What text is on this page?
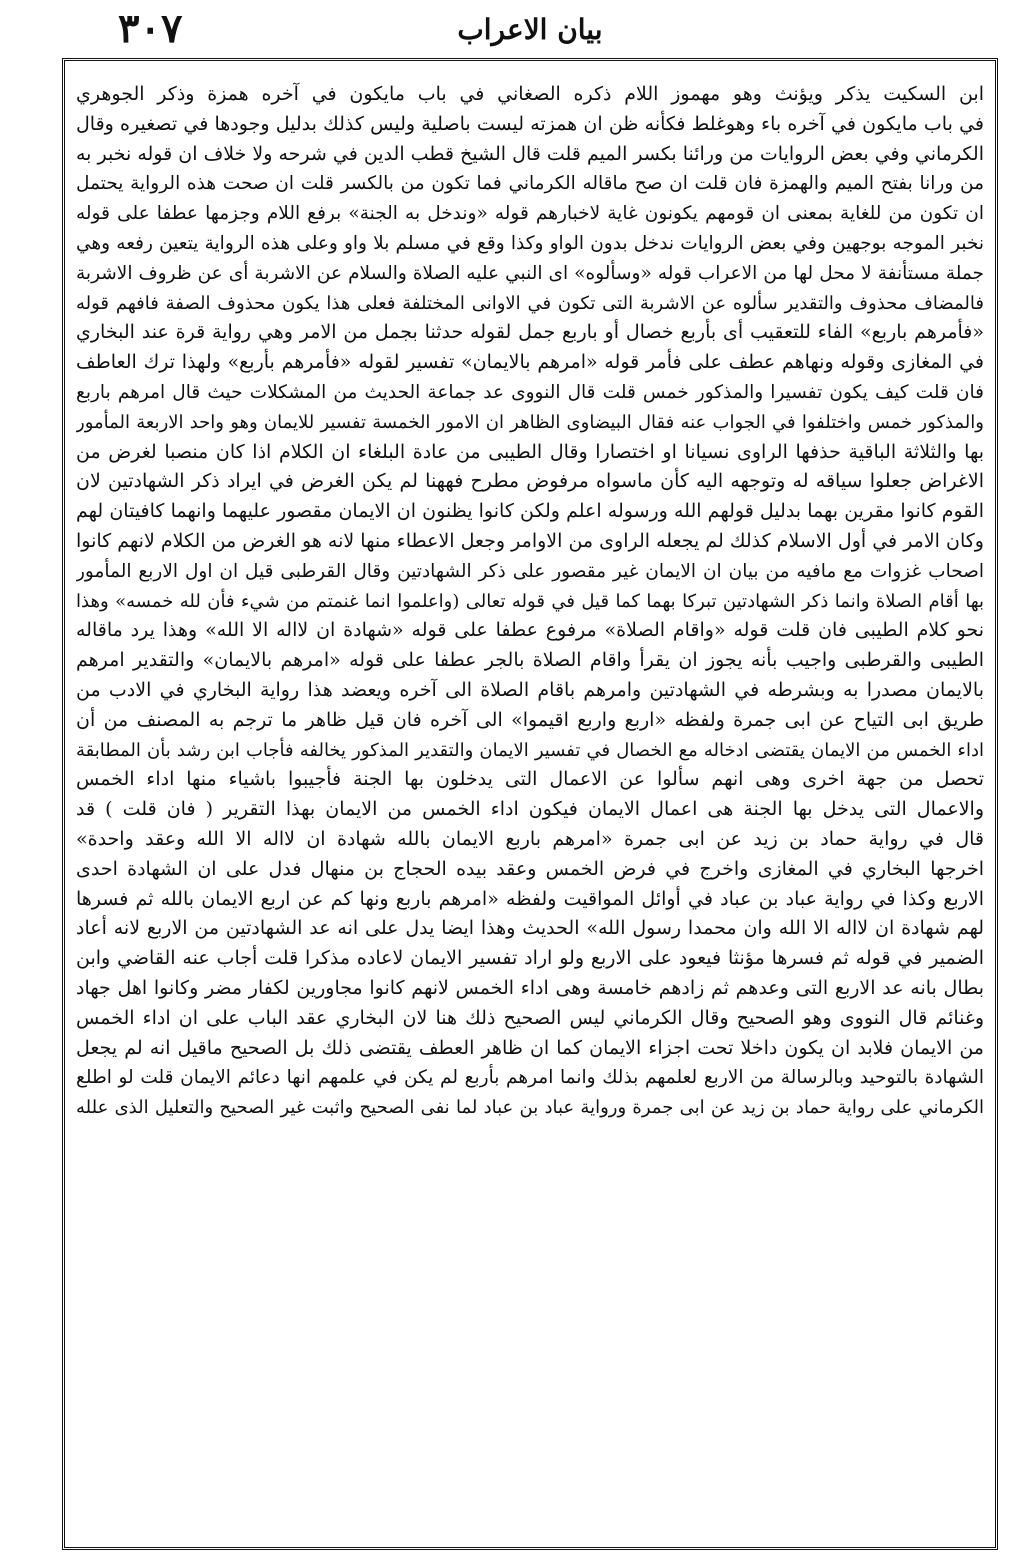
٣٠٧	بيان الاعراب
ابن السكيت يذكر ويؤنث وهو مهموز اللام ذكره الصغاني في باب مايكون في آخره همزة وذكر الجوهري
في باب مايكون في آخره باء وهوغلط فكأنه ظن ان همزته ليست باصلية وليس كذلك بدليل وجودها في تصغيره وقال
الكرماني وفي بعض الروايات من ورائنا بكسر الميم قلت قال الشيخ قطب الدين في شرحه ولا خلاف ان قوله نخبر به
من ورانا بفتح الميم والهمزة فان قلت ان صح ماقاله الكرماني فما تكون من بالكسر قلت ان صحت هذه الرواية يحتمل
ان تكون من للغاية بمعنى ان قومهم يكونون غاية لاخبارهم قوله «وندخل به الجنة» برفع اللام وجزمها عطفا على قوله
نخبر الموجه بوجهين وفي بعض الروايات ندخل بدون الواو وكذا وقع في مسلم بلا واو وعلى هذه الرواية يتعين رفعه وهي
جملة مستأنفة لا محل لها من الاعراب قوله «وسألوه» اى النبي عليه الصلاة والسلام عن الاشربة أى عن ظروف الاشربة
فالمضاف محذوف والتقدير سألوه عن الاشربة التى تكون في الاوانى المختلفة فعلى هذا يكون محذوف الصفة فافهم قوله
«فأمرهم باربع» الفاء للتعقيب أى بأربع خصال أو باربع جمل لقوله حدثنا بجمل من الامر وهي رواية قرة عند البخاري
في المغازى وقوله ونهاهم عطف على فأمر قوله «امرهم بالايمان» تفسير لقوله «فأمرهم بأربع» ولهذا ترك العاطف
فان قلت كيف يكون تفسيرا والمذكور خمس قلت قال النووى عد جماعة الحديث من المشكلات حيث قال امرهم باربع
والمذكور خمس واختلفوا في الجواب عنه فقال البيضاوى الظاهر ان الامور الخمسة تفسير للايمان وهو واحد الاربعة المأمور
بها والثلاثة الباقية حذفها الراوى نسيانا او اختصارا وقال الطيبى من عادة البلغاء ان الكلام اذا كان منصبا لغرض من
الاغراض جعلوا سياقه له وتوجهه اليه كأن ماسواه مرفوض مطرح فههنا لم يكن الغرض في ايراد ذكر الشهادتين لان
القوم كانوا مقرين بهما بدليل قولهم الله ورسوله اعلم ولكن كانوا يظنون ان الايمان مقصور عليهما وانهما كافيتان لهم
وكان الامر في أول الاسلام كذلك لم يجعله الراوى من الاوامر وجعل الاعطاء منها لانه هو الغرض من الكلام لانهم كانوا
اصحاب غزوات مع مافيه من بيان ان الايمان غير مقصور على ذكر الشهادتين وقال القرطبى قيل ان اول الاربع المأمور
بها أقام الصلاة وانما ذكر الشهادتين تبركا بهما كما قيل في قوله تعالى (واعلموا انما غنمتم من شيء فأن لله خمسه» وهذا
نحو كلام الطيبى فان قلت قوله «واقام الصلاة» مرفوع عطفا على قوله «شهادة ان لااله الا الله» وهذا يرد ماقاله
الطيبى والقرطبى واجيب بأنه يجوز ان يقرأ واقام الصلاة بالجر عطفا على قوله «امرهم بالايمان» والتقدير امرهم
بالايمان مصدرا به وبشرطه في الشهادتين وامرهم باقام الصلاة الى آخره ويعضد هذا رواية البخاري في الادب من
طريق ابى التياح عن ابى جمرة ولفظه «اربع واربع اقيموا» الى آخره فان قيل ظاهر ما ترجم به المصنف من أن
اداء الخمس من الايمان يقتضى ادخاله مع الخصال في تفسير الايمان والتقدير المذكور يخالفه فأجاب ابن رشد بأن المطابقة
تحصل من جهة اخرى وهى انهم سألوا عن الاعمال التى يدخلون بها الجنة فأجيبوا باشياء منها اداء الخمس
والاعمال التى يدخل بها الجنة هى اعمال الايمان فيكون اداء الخمس من الايمان بهذا التقرير ( فان قلت ) قد
قال في رواية حماد بن زيد عن ابى جمرة «امرهم باربع الايمان بالله شهادة ان لااله الا الله وعقد واحدة»
اخرجها البخاري في المغازى واخرج في فرض الخمس وعقد بيده الحجاج بن منهال فدل على ان الشهادة احدى
الاربع وكذا في رواية عباد بن عباد في أوائل المواقيت ولفظه «امرهم باربع ونها كم عن اربع الايمان بالله ثم فسرها
لهم شهادة ان لااله الا الله وان محمدا رسول الله» الحديث وهذا ايضا يدل على انه عد الشهادتين من الاربع لانه أعاد
الضمير في قوله ثم فسرها مؤنثا فيعود على الاربع ولو اراد تفسير الايمان لاعاده مذكرا قلت أجاب عنه القاضي وابن
بطال بانه عد الاربع التى وعدهم ثم زادهم خامسة وهى اداء الخمس لانهم كانوا مجاورين لكفار مضر وكانوا اهل جهاد
وغنائم قال النووى وهو الصحيح وقال الكرماني ليس الصحيح ذلك هنا لان البخاري عقد الباب على ان اداء الخمس
من الايمان فلابد ان يكون داخلا تحت اجزاء الايمان كما ان ظاهر العطف يقتضى ذلك بل الصحيح ماقيل انه لم يجعل
الشهادة بالتوحيد وبالرسالة من الاربع لعلمهم بذلك وانما امرهم بأربع لم يكن في علمهم انها دعائم الايمان قلت لو اطلع
الكرماني على رواية حماد بن زيد عن ابى جمرة ورواية عباد بن عباد لما نفى الصحيح واثبت غير الصحيح والتعليل الذى علله
